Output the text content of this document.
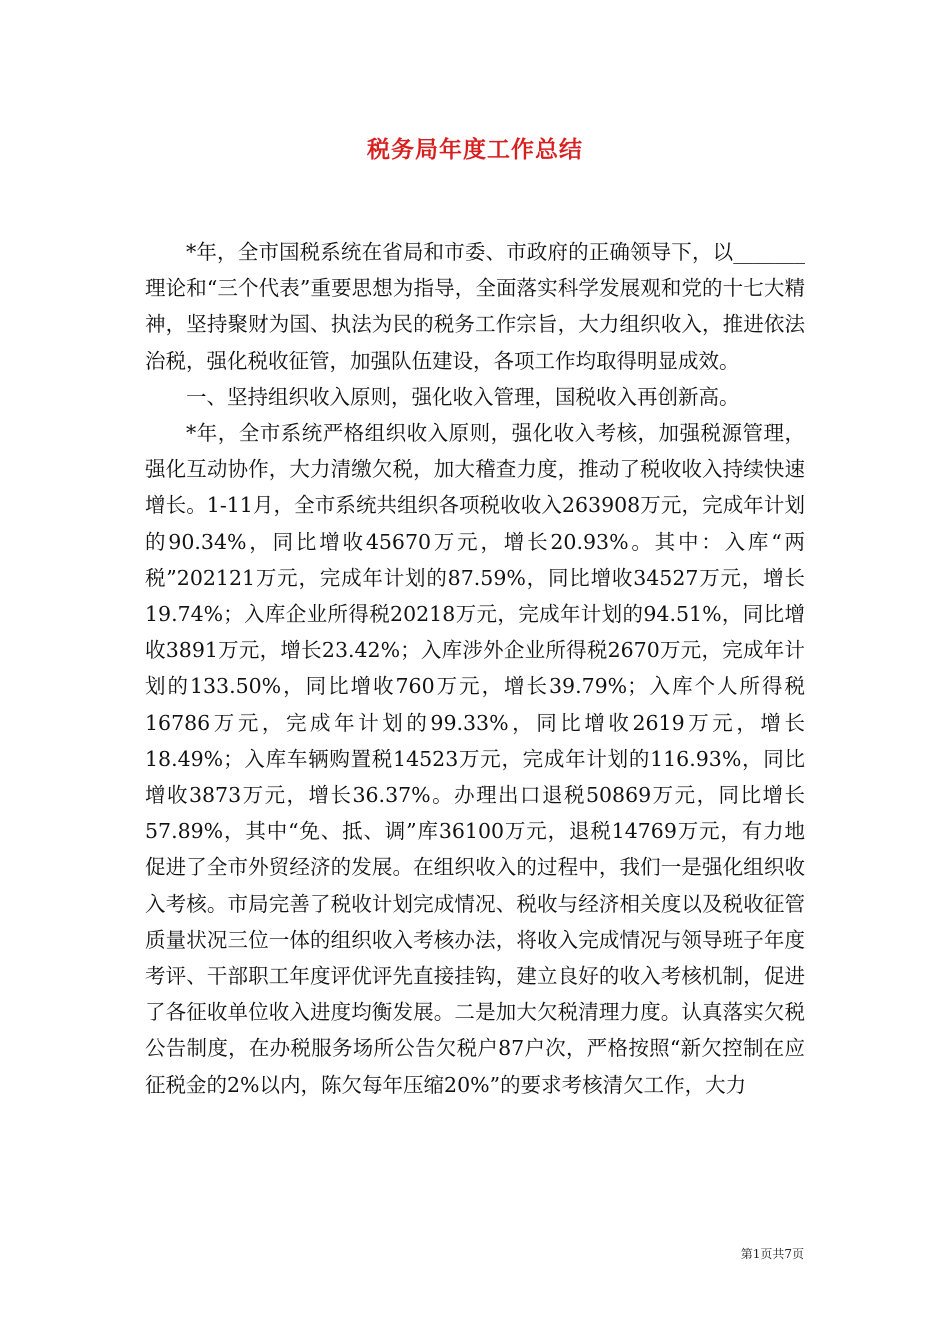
税务局年度工作总结

*年，全市国税系统在省局和市委、市政府的正确领导下，以_______理论和“三个代表”重要思想为指导，全面落实科学发展观和党的十七大精神，坚持聚财为国、执法为民的税务工作宗旨，大力组织收入，推进依法治税，强化税收征管，加强队伍建设，各项工作均取得明显成效。

一、坚持组织收入原则，强化收入管理，国税收入再创新高。

*年，全市系统严格组织收入原则，强化收入考核，加强税源管理，强化互动协作，大力清缴欠税，加大稽查力度，推动了税收收入持续快速增长。1-11月，全市系统共组织各项税收收入263908万元，完成年计划的90.34%，同比增收45670万元，增长20.93%。其中：入库“两税”202121万元，完成年计划的87.59%，同比增收34527万元，增长19.74%；入库企业所得税20218万元，完成年计划的94.51%，同比增收3891万元，增长23.42%；入库涉外企业所得税2670万元，完成年计划的133.50%，同比增收760万元，增长39.79%；入库个人所得税16786万元，完成年计划的99.33%，同比增收2619万元，增长18.49%；入库车辆购置税14523万元，完成年计划的116.93%，同比增收3873万元，增长36.37%。办理出口退税50869万元，同比增长57.89%，其中“免、抵、调”库36100万元，退税14769万元，有力地促进了全市外贸经济的发展。在组织收入的过程中，我们一是强化组织收入考核。市局完善了税收计划完成情况、税收与经济相关度以及税收征管质量状况三位一体的组织收入考核办法，将收入完成情况与领导班子年度考评、干部职工年度评优评先直接挂钩，建立良好的收入考核机制，促进了各征收单位收入进度均衡发展。二是加大欠税清理力度。认真落实欠税公告制度，在办税服务场所公告欠税户87户次，严格按照“新欠控制在应征税金的2%以内，陈欠每年压缩20%”的要求考核清欠工作，大力

第1页共7页
